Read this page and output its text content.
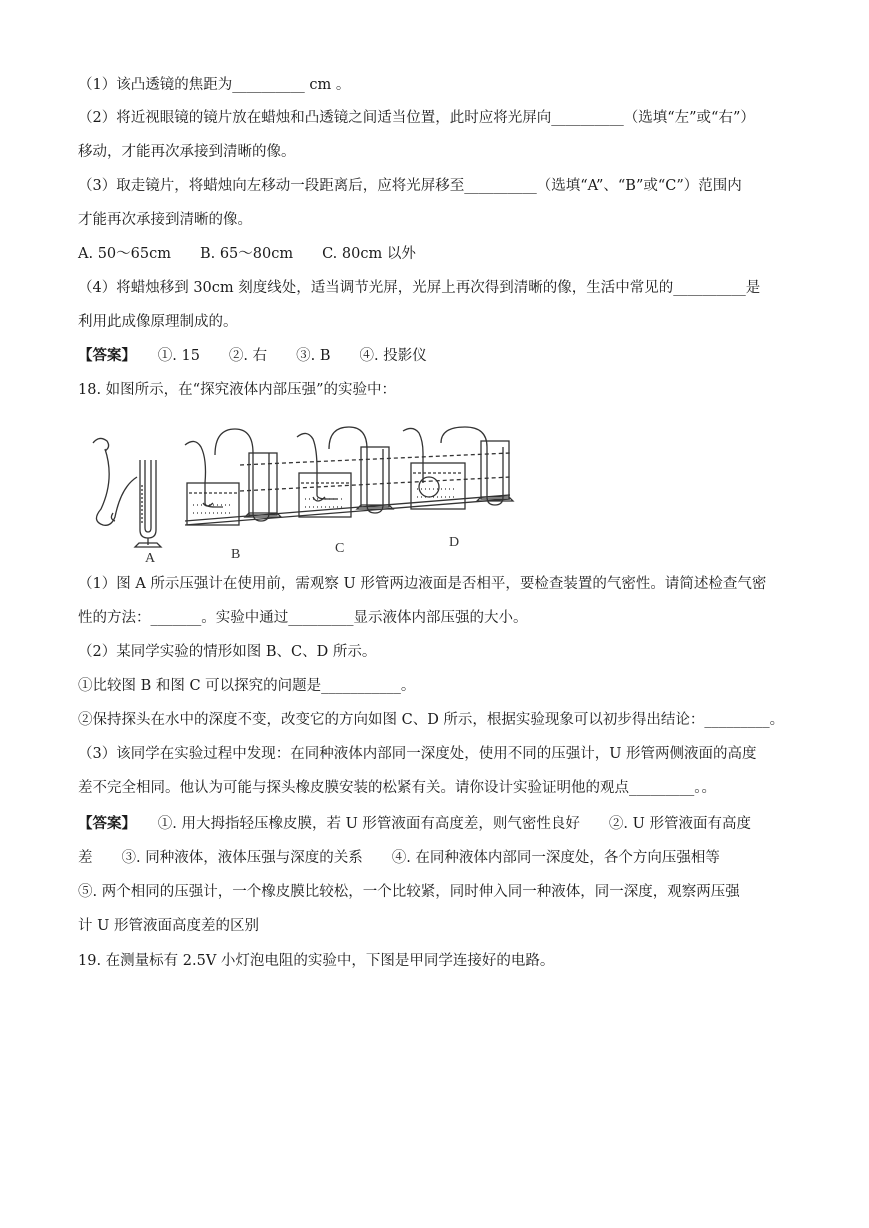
（1）该凸透镜的焦距为__________ cm 。
（2）将近视眼镜的镜片放在蜡烛和凸透镜之间适当位置，此时应将光屏向__________（选填“左”或“右”）
移动，才能再次承接到清晰的像。
（3）取走镜片，将蜡烛向左移动一段距离后，应将光屏移至__________（选填“A”、“B”或“C”）范围内
才能再次承接到清晰的像。
A. 50～65cm　　B. 65～80cm　　C. 80cm 以外
（4）将蜡烛移到 30cm 刻度线处，适当调节光屏，光屏上再次得到清晰的像，生活中常见的__________是
利用此成像原理制成的。
【答案】　　①. 15　　②. 右　　③. B　　④. 投影仪
18. 如图所示，在“探究液体内部压强”的实验中：
A	B	C	D
（1）图 A 所示压强计在使用前，需观察 U 形管两边液面是否相平，要检查装置的气密性。请简述检查气密
性的方法：_______。实验中通过_________显示液体内部压强的大小。
（2）某同学实验的情形如图 B、C、D 所示。
①比较图 B 和图 C 可以探究的问题是___________。
②保持探头在水中的深度不变，改变它的方向如图 C、D 所示，根据实验现象可以初步得出结论：_________。
（3）该同学在实验过程中发现：在同种液体内部同一深度处，使用不同的压强计，U 形管两侧液面的高度
差不完全相同。他认为可能与探头橡皮膜安装的松紧有关。请你设计实验证明他的观点_________。。
【答案】　　①. 用大拇指轻压橡皮膜，若 U 形管液面有高度差，则气密性良好　　②. U 形管液面有高度
差　　③. 同种液体，液体压强与深度的关系　　④. 在同种液体内部同一深度处，各个方向压强相等
⑤. 两个相同的压强计，一个橡皮膜比较松，一个比较紧，同时伸入同一种液体，同一深度，观察两压强
计 U 形管液面高度差的区别
19. 在测量标有 2.5V 小灯泡电阻的实验中，下图是甲同学连接好的电路。
